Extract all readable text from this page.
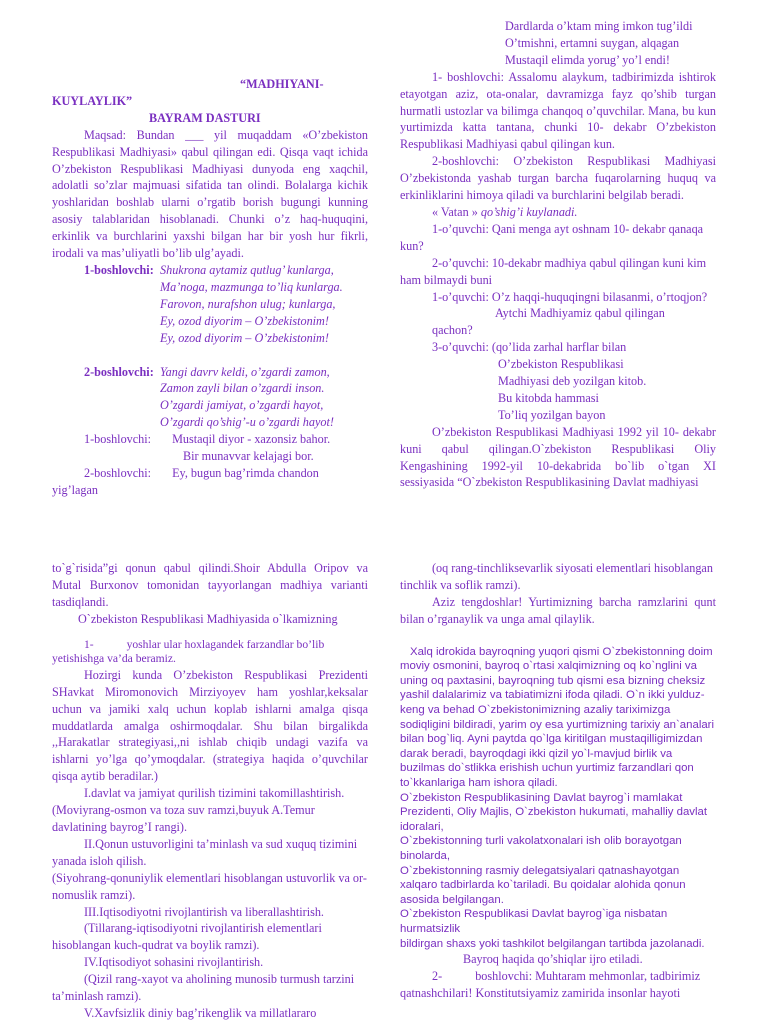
“MADHIYANI-

KUYLAYLIK”

BAYRAM DASTURI

Maqsad: Bundan ___ yil muqaddam «O’zbekiston Respublikasi Madhiyasi» qabul qilingan edi. Qisqa vaqt ichida O’zbekiston Respublikasi Madhiyasi dunyoda eng xaqchil, adolatli so’zlar majmuasi sifatida tan olindi. Bolalarga kichik yoshlaridan boshlab ularni o’rgatib borish bugungi kunning asosiy talablaridan hisoblanadi. Chunki o’z haq-huquqini, erkinlik va burchlarini yaxshi bilgan har bir yosh hur fikrli, irodali va mas’uliyatli bo’lib ulg’ayadi.

1-boshlovchi: Shukrona aytamiz qutlug’ kunlarga,

Ma’noga, mazmunga to’liq kunlarga.

Farovon, nurafshon ulug; kunlarga,

Ey, ozod diyorim – O’zbekistonim!

Ey, ozod diyorim – O’zbekistonim!

2-boshlovchi: Yangi davrv keldi, o’zgardi zamon,

Zamon zayli bilan o’zgardi inson.

O’zgardi jamiyat, o’zgardi hayot,

O’zgardi qo’shig’-u o’zgardi hayot!

1-boshlovchi: Mustaqil diyor - xazonsiz bahor.

Bir munavvar kelajagi bor.

2-boshlovchi: Ey, bugun bag’rimda chandon

yig’lagan

Dardlarda o’ktam ming imkon tug’ildi

O’tmishni, ertamni suygan, alqagan

Mustaqil elimda yorug’ yo’l endi!

1- boshlovchi: Assalomu alaykum, tadbirimizda ishtirok etayotgan aziz, ota-onalar, davramizga fayz qo’shib turgan hurmatli ustozlar va bilimga chanqoq o’quvchilar. Mana, bu kun yurtimizda katta tantana, chunki 10- dekabr O’zbekiston Respublikasi Madhiyasi qabul qilingan kun.

2-boshlovchi: O’zbekiston Respublikasi Madhiyasi O’zbekistonda yashab turgan barcha fuqarolarning huquq va erkinliklarini himoya qiladi va burchlarini belgilab beradi.

« Vatan » qo’shig’i kuylanadi.

1-o’quvchi: Qani menga ayt oshnam 10- dekabr qanaqa kun?

2-o’quvchi: 10-dekabr madhiya qabul qilingan kuni kim ham bilmaydi buni

1-o’quvchi: O’z haqqi-huquqingni bilasanmi, o’rtoqjon?

Aytchi Madhiyamiz qabul qilingan

qachon?

3-o’quvchi: (qo’lida zarhal harflar bilan

O’zbekiston Respublikasi

Madhiyasi deb yozilgan kitob.

Bu kitobda hammasi

To’liq yozilgan bayon

O’zbekiston Respublikasi Madhiyasi 1992 yil 10- dekabr kuni qabul qilingan.O`zbekiston Respublikasi Oliy Kengashining 1992-yil 10-dekabrida bo`lib o`tgan XI sessiyasida “O`zbekiston Respublikasining Davlat madhiyasi

to`g`risida”gi qonun qabul qilindi.Shoir Abdulla Oripov va Mutal Burxonov tomonidan tayyorlangan madhiya varianti tasdiqlandi.

O`zbekiston Respublikasi Madhiyasida o`lkamizning

1-	yoshlar ular hoxlagandek farzandlar bo’lib yetishishga va’da beramiz.

Hozirgi kunda O’zbekiston Respublikasi Prezidenti SHavkat Miromonovich Mirziyoyev ham yoshlar,keksalar uchun va jamiki xalq uchun koplab ishlarni amalga qisqa muddatlarda amalga oshirmoqdalar. Shu bilan birgalikda ,,Harakatlar strategiyasi,,ni ishlab chiqib undagi vazifa va ishlarni yo’lga qo’ymoqdalar. (strategiya haqida o’quvchilar qisqa aytib beradilar.)

I.davlat va jamiyat qurilish tizimini takomillashtirish.

(Moviyrang-osmon va toza suv ramzi,buyuk A.Temur davlatining bayrog’I rangi).

II.Qonun ustuvorligini ta’minlash va sud xuquq tizimini yanada isloh qilish.

(Siyohrang-qonuniylik elementlari hisoblangan ustuvorlik va or-nomuslik ramzi).

III.Iqtisodiyotni rivojlantirish va liberallashtirish.

(Tillarang-iqtisodiyotni rivojlantirish elementlari hisoblangan kuch-qudrat va boylik ramzi).

IV.Iqtisodiyot sohasini rivojlantirish.

(Qizil rang-xayot va aholining munosib turmush tarzini ta’minlash ramzi).

V.Xavfsizlik diniy bag’rikenglik va millatlararo

(oq rang-tinchliksevarlik siyosati elementlari hisoblangan tinchlik va soflik ramzi).

Aziz tengdoshlar! Yurtimizning barcha ramzlarini qunt bilan o’rganaylik va unga amal qilaylik.

Xalq idrokida bayroqning yuqori qismi O`zbekistonning doim moviy osmonini, bayroq o`rtasi xalqimizning oq ko`nglini va uning oq paxtasini, bayroqning tub qismi esa bizning cheksiz yashil dalalarimiz va tabiatimizni ifoda qiladi. O`n ikki yulduz- keng va behad O`zbekistonimizning azaliy tariximizga sodiqligini bildiradi, yarim oy esa yurtimizning tarixiy an`analari bilan bog`liq. Ayni paytda qo`lga kiritilgan mustaqilligimizdan darak beradi, bayroqdagi ikki qizil yo`l-mavjud birlik va buzilmas do`stlikka erishish uchun yurtimiz farzandlari qon to`kkanlariga ham ishora qiladi.

O`zbekiston Respublikasining Davlat bayrog`i mamlakat Prezidenti, Oliy Majlis, O`zbekiston hukumati, mahalliy davlat idoralari,

O`zbekistonning turli vakolatxonalari ish olib borayotgan binolarda,

O`zbekistonning rasmiy delegatsiyalari qatnashayotgan xalqaro tadbirlarda ko`tariladi. Bu qoidalar alohida qonun asosida belgilangan.

O`zbekiston Respublikasi Davlat bayrog`iga nisbatan hurmatsizlik

bildirgan shaxs yoki tashkilot belgilangan tartibda jazolanadi.

Bayroq haqida qo’shiqlar ijro etiladi.

2-	boshlovchi: Muhtaram mehmonlar, tadbirimiz

qatnashchilari! Konstitutsiyamiz zamirida insonlar hayoti
